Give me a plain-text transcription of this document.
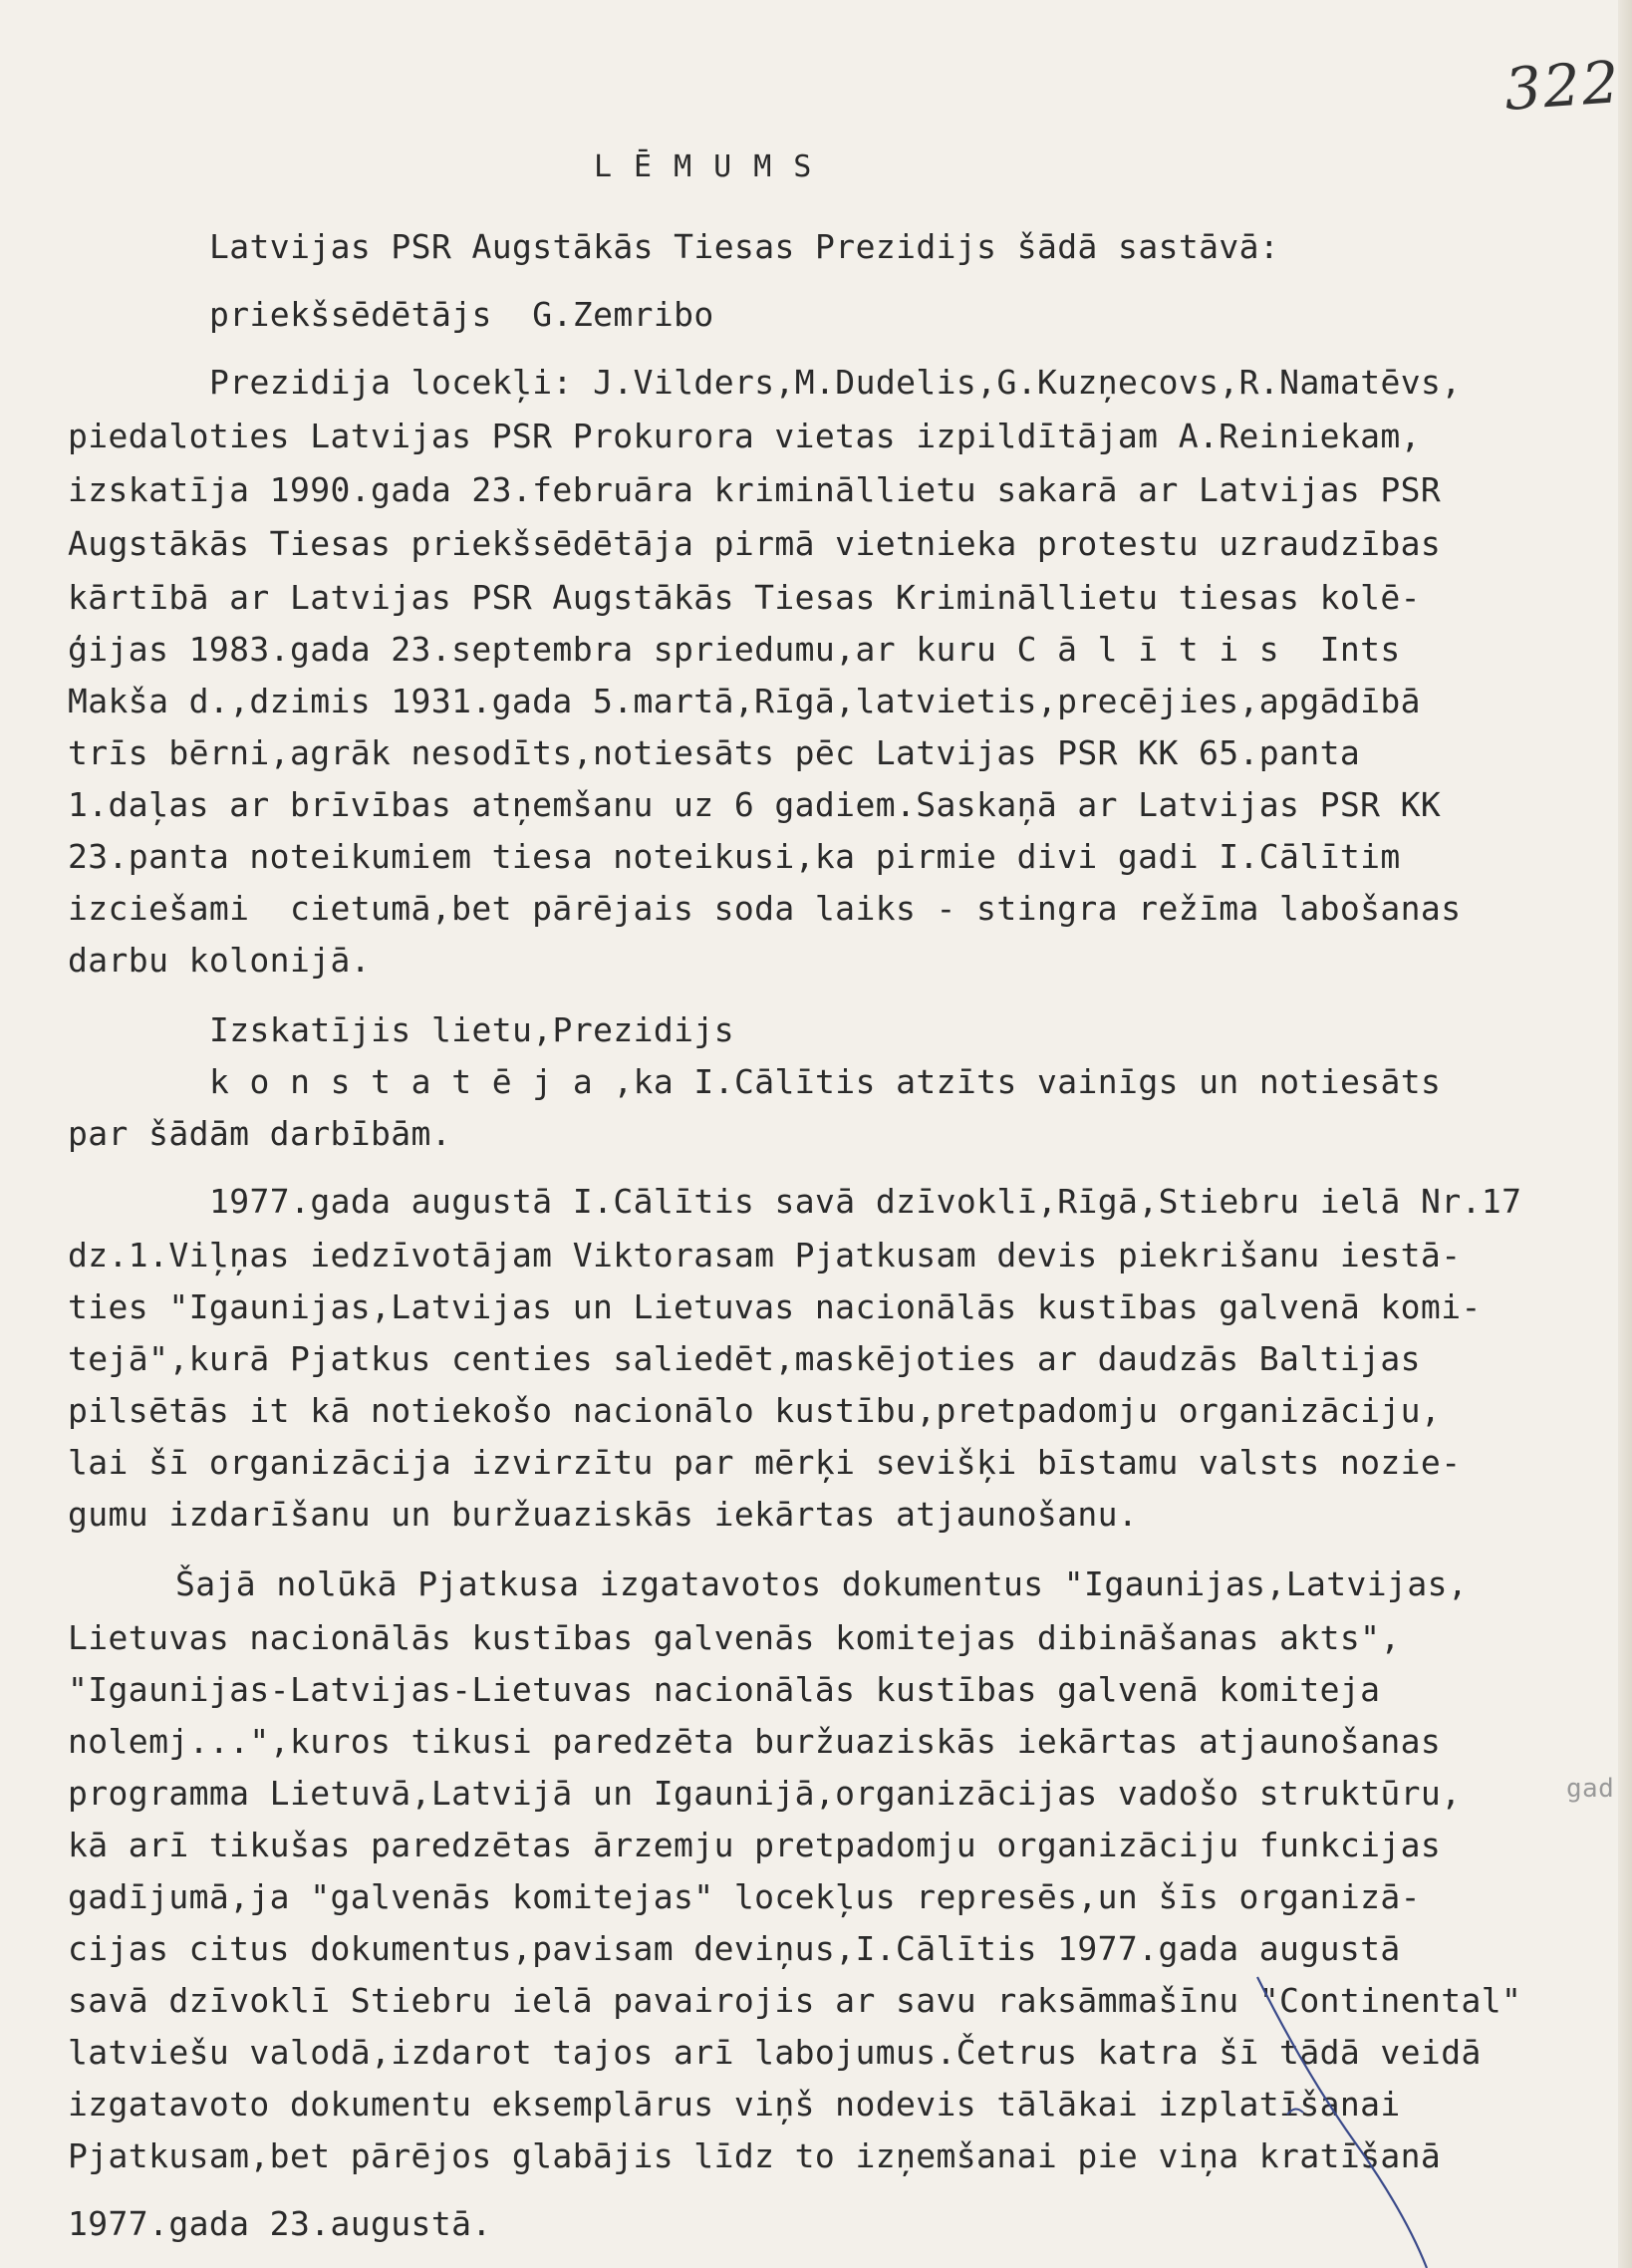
322
LĒMUMS
Latvijas PSR Augstākās Tiesas Prezidijs šādā sastāvā:
priekšsēdētājs  G.Zemribo
Prezidija locekļi: J.Vilders,M.Dudelis,G.Kuzņecovs,R.Namatēvs,
piedaloties Latvijas PSR Prokurora vietas izpildītājam A.Reiniekam,
izskatīja 1990.gada 23.februāra krimināllietu sakarā ar Latvijas PSR
Augstākās Tiesas priekšsēdētāja pirmā vietnieka protestu uzraudzības
kārtībā ar Latvijas PSR Augstākās Tiesas Krimināllietu tiesas kolē-
ģijas 1983.gada 23.septembra spriedumu,ar kuru C ā l ī t i s  Ints
Makša d.,dzimis 1931.gada 5.martā,Rīgā,latvietis,precējies,apgādībā
trīs bērni,agrāk nesodīts,notiesāts pēc Latvijas PSR KK 65.panta
1.daļas ar brīvības atņemšanu uz 6 gadiem.Saskaņā ar Latvijas PSR KK
23.panta noteikumiem tiesa noteikusi,ka pirmie divi gadi I.Cālītim
izciešami  cietumā,bet pārējais soda laiks - stingra režīma labošanas
darbu kolonijā.
Izskatījis lietu,Prezidijs
k o n s t a t ē j a ,ka I.Cālītis atzīts vainīgs un notiesāts
par šādām darbībām.
1977.gada augustā I.Cālītis savā dzīvoklī,Rīgā,Stiebru ielā Nr.17
dz.1.Viļņas iedzīvotājam Viktorasam Pjatkusam devis piekrišanu iestā-
ties "Igaunijas,Latvijas un Lietuvas nacionālās kustības galvenā komi-
tejā",kurā Pjatkus centies saliedēt,maskējoties ar daudzās Baltijas
pilsētās it kā notiekošo nacionālo kustību,pretpadomju organizāciju,
lai šī organizācija izvirzītu par mērķi sevišķi bīstamu valsts nozie-
gumu izdarīšanu un buržuaziskās iekārtas atjaunošanu.
Šajā nolūkā Pjatkusa izgatavotos dokumentus "Igaunijas,Latvijas,
Lietuvas nacionālās kustības galvenās komitejas dibināšanas akts",
"Igaunijas-Latvijas-Lietuvas nacionālās kustības galvenā komiteja
nolemj...",kuros tikusi paredzēta buržuaziskās iekārtas atjaunošanas
programma Lietuvā,Latvijā un Igaunijā,organizācijas vadošo struktūru,
kā arī tikušas paredzētas ārzemju pretpadomju organizāciju funkcijas
gadījumā,ja "galvenās komitejas" locekļus represēs,un šīs organizā-
cijas citus dokumentus,pavisam deviņus,I.Cālītis 1977.gada augustā
savā dzīvoklī Stiebru ielā pavairojis ar savu raksāmmašīnu "Continental"
latviešu valodā,izdarot tajos arī labojumus.Četrus katra šī tādā veidā
izgatavoto dokumentu eksemplārus viņš nodevis tālākai izplatīšanai
Pjatkusam,bet pārējos glabājis līdz to izņemšanai pie viņa kratīšanā
1977.gada 23.augustā.
gad
